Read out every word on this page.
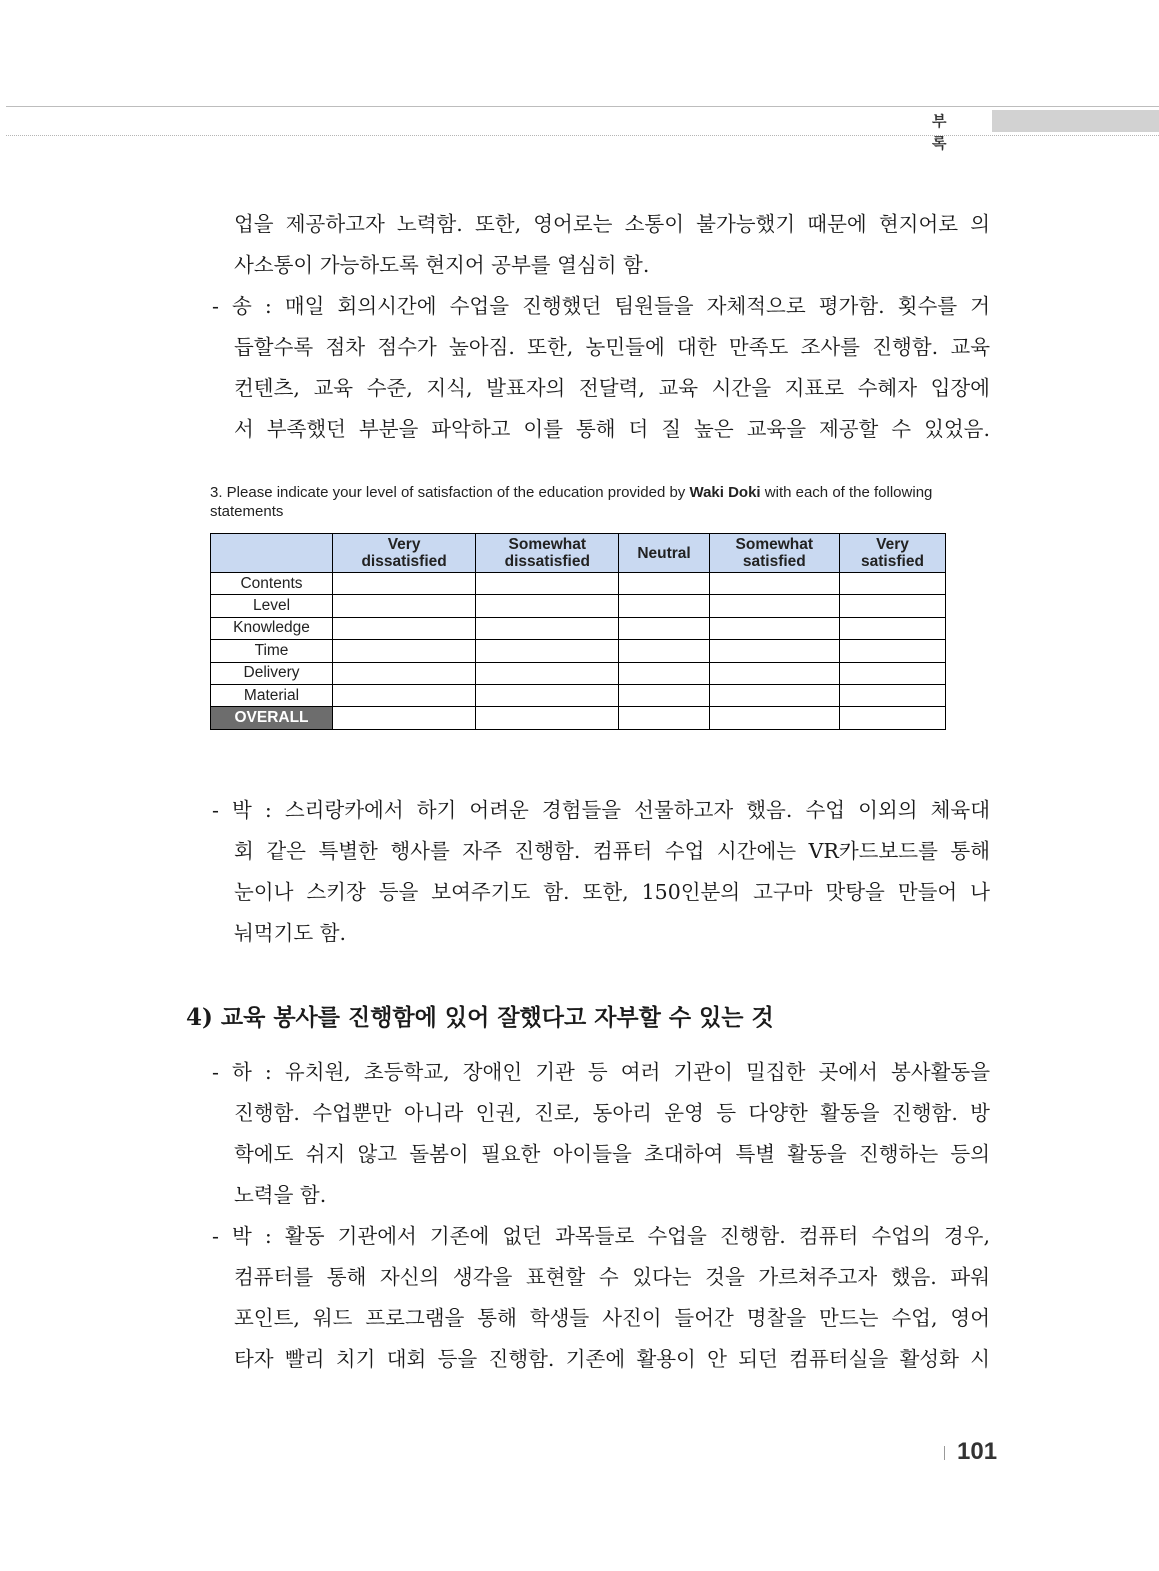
부 록
업을 제공하고자 노력함. 또한, 영어로는 소통이 불가능했기 때문에 현지어로 의
사소통이 가능하도록 현지어 공부를 열심히 함.
- 송 : 매일 회의시간에 수업을 진행했던 팀원들을 자체적으로 평가함. 횟수를 거
듭할수록 점차 점수가 높아짐. 또한, 농민들에 대한 만족도 조사를 진행함. 교육
컨텐츠, 교육 수준, 지식, 발표자의 전달력, 교육 시간을 지표로 수혜자 입장에
서 부족했던 부분을 파악하고 이를 통해 더 질 높은 교육을 제공할 수 있었음.
3. Please indicate your level of satisfaction of the education provided by Waki Doki with each of the following statements
	Very
dissatisfied	Somewhat
dissatisfied	Neutral	Somewhat
satisfied	Very
satisfied
Contents					
Level					
Knowledge					
Time					
Delivery					
Material					
OVERALL					
- 박 : 스리랑카에서 하기 어려운 경험들을 선물하고자 했음. 수업 이외의 체육대
회 같은 특별한 행사를 자주 진행함. 컴퓨터 수업 시간에는 VR카드보드를 통해
눈이나 스키장 등을 보여주기도 함. 또한, 150인분의 고구마 맛탕을 만들어 나
눠먹기도 함.
4) 교육 봉사를 진행함에 있어 잘했다고 자부할 수 있는 것
- 하 : 유치원, 초등학교, 장애인 기관 등 여러 기관이 밀집한 곳에서 봉사활동을
진행함. 수업뿐만 아니라 인권, 진로, 동아리 운영 등 다양한 활동을 진행함. 방
학에도 쉬지 않고 돌봄이 필요한 아이들을 초대하여 특별 활동을 진행하는 등의
노력을 함.
- 박 : 활동 기관에서 기존에 없던 과목들로 수업을 진행함. 컴퓨터 수업의 경우,
컴퓨터를 통해 자신의 생각을 표현할 수 있다는 것을 가르쳐주고자 했음. 파워
포인트, 워드 프로그램을 통해 학생들 사진이 들어간 명찰을 만드는 수업, 영어
타자 빨리 치기 대회 등을 진행함. 기존에 활용이 안 되던 컴퓨터실을 활성화 시
101
